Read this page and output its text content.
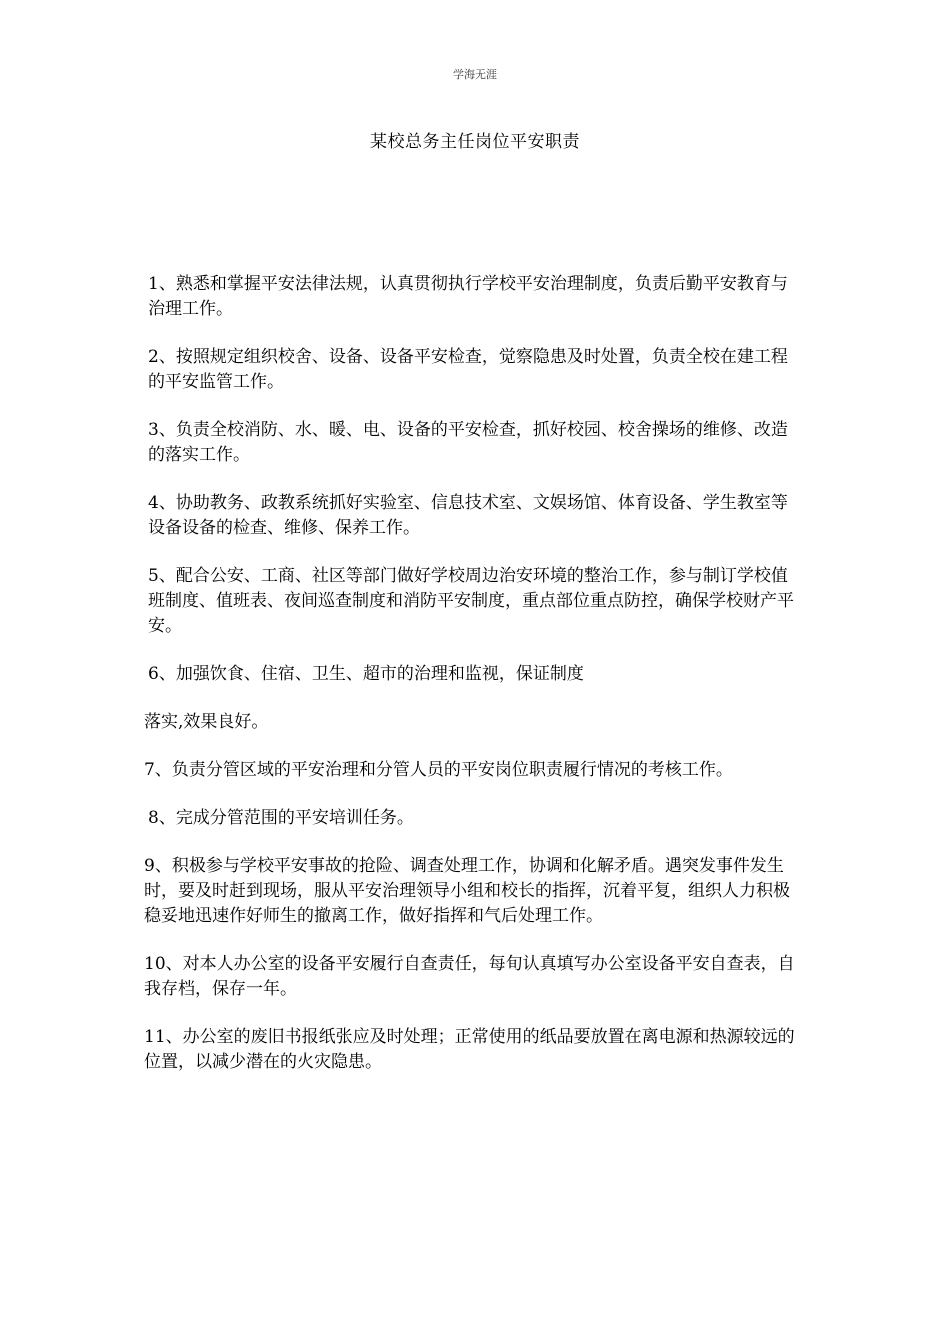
学海无涯
某校总务主任岗位平安职责

1、熟悉和掌握平安法律法规，认真贯彻执行学校平安治理制度，负责后勤平安教育与治理工作。

2、按照规定组织校舍、设备、设备平安检查，觉察隐患及时处置，负责全校在建工程的平安监管工作。

3、负责全校消防、水、暖、电、设备的平安检查，抓好校园、校舍操场的维修、改造的落实工作。

4、协助教务、政教系统抓好实验室、信息技术室、文娱场馆、体育设备、学生教室等设备设备的检查、维修、保养工作。

5、配合公安、工商、社区等部门做好学校周边治安环境的整治工作，参与制订学校值班制度、值班表、夜间巡查制度和消防平安制度，重点部位重点防控，确保学校财产平安。

6、加强饮食、住宿、卫生、超市的治理和监视，保证制度

落实,效果良好。

7、负责分管区域的平安治理和分管人员的平安岗位职责履行情况的考核工作。

8、完成分管范围的平安培训任务。

9、积极参与学校平安事故的抢险、调查处理工作，协调和化解矛盾。遇突发事件发生时，要及时赶到现场，服从平安治理领导小组和校长的指挥，沉着平复，组织人力积极稳妥地迅速作好师生的撤离工作，做好指挥和气后处理工作。

10、对本人办公室的设备平安履行自查责任，每旬认真填写办公室设备平安自查表，自我存档，保存一年。

11、办公室的废旧书报纸张应及时处理；正常使用的纸品要放置在离电源和热源较远的位置，以减少潜在的火灾隐患。
